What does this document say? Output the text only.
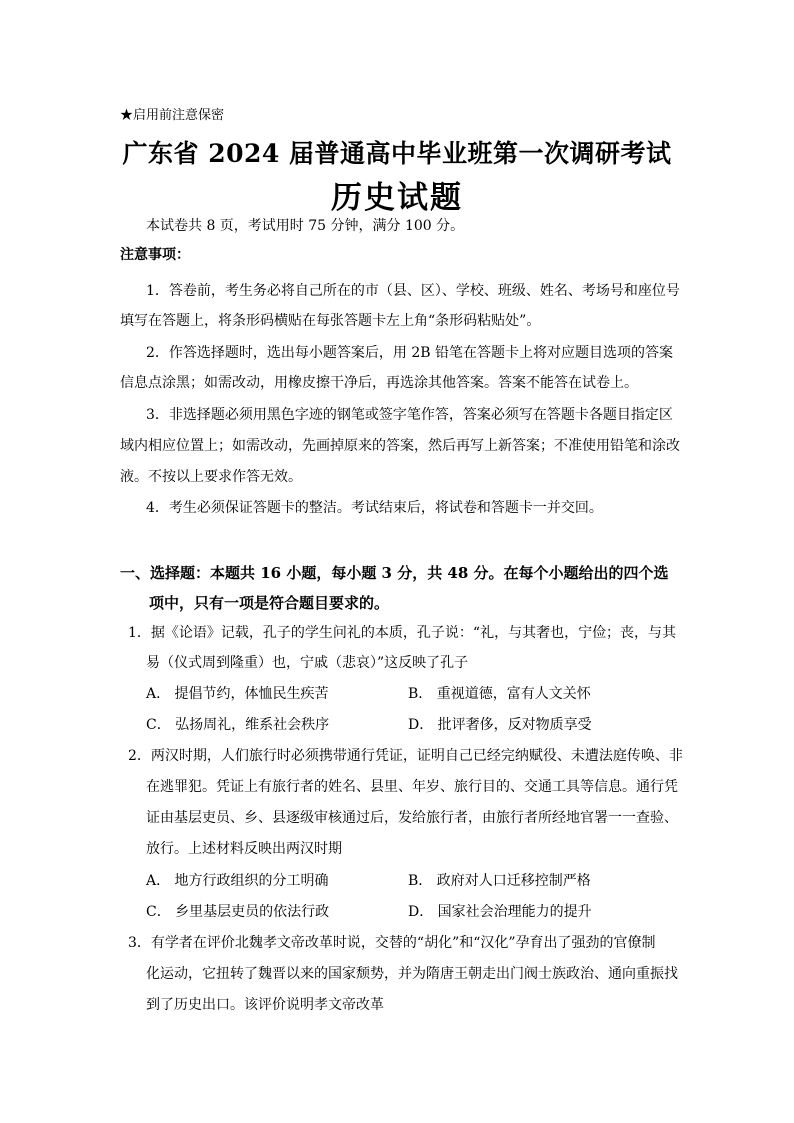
★启用前注意保密
广东省 2024 届普通高中毕业班第一次调研考试
历史试题
本试卷共 8 页，考试用时 75 分钟，满分 100 分。
注意事项：
1．答卷前，考生务必将自己所在的市（县、区）、学校、班级、姓名、考场号和座位号
填写在答题上，将条形码横贴在每张答题卡左上角“条形码粘贴处”。
2．作答选择题时，选出每小题答案后，用 2B 铅笔在答题卡上将对应题目选项的答案
信息点涂黑；如需改动，用橡皮擦干净后，再选涂其他答案。答案不能答在试卷上。
3．非选择题必须用黑色字迹的钢笔或签字笔作答，答案必须写在答题卡各题目指定区
域内相应位置上；如需改动，先画掉原来的答案，然后再写上新答案；不准使用铅笔和涂改
液。不按以上要求作答无效。
4．考生必须保证答题卡的整洁。考试结束后，将试卷和答题卡一并交回。
一、选择题：本题共 16 小题，每小题 3 分，共 48 分。在每个小题给出的四个选
项中，只有一项是符合题目要求的。
1．据《论语》记载，孔子的学生问礼的本质，孔子说：“礼，与其奢也，宁俭；丧，与其
易（仪式周到隆重）也，宁戚（悲哀）”这反映了孔子
A． 提倡节约，体恤民生疾苦	B． 重视道德，富有人文关怀
C． 弘扬周礼，维系社会秩序	D． 批评奢侈，反对物质享受
2．两汉时期，人们旅行时必须携带通行凭证，证明自己已经完纳赋役、未遭法庭传唤、非
在逃罪犯。凭证上有旅行者的姓名、县里、年岁、旅行目的、交通工具等信息。通行凭
证由基层吏员、乡、县逐级审核通过后，发给旅行者，由旅行者所经地官署一一查验、
放行。上述材料反映出两汉时期
A． 地方行政组织的分工明确	B． 政府对人口迁移控制严格
C． 乡里基层吏员的依法行政	D． 国家社会治理能力的提升
3．有学者在评价北魏孝文帝改革时说，交替的“胡化”和“汉化”孕育出了强劲的官僚制
化运动，它扭转了魏晋以来的国家颓势，并为隋唐王朝走出门阀士族政治、通向重振找
到了历史出口。该评价说明孝文帝改革
